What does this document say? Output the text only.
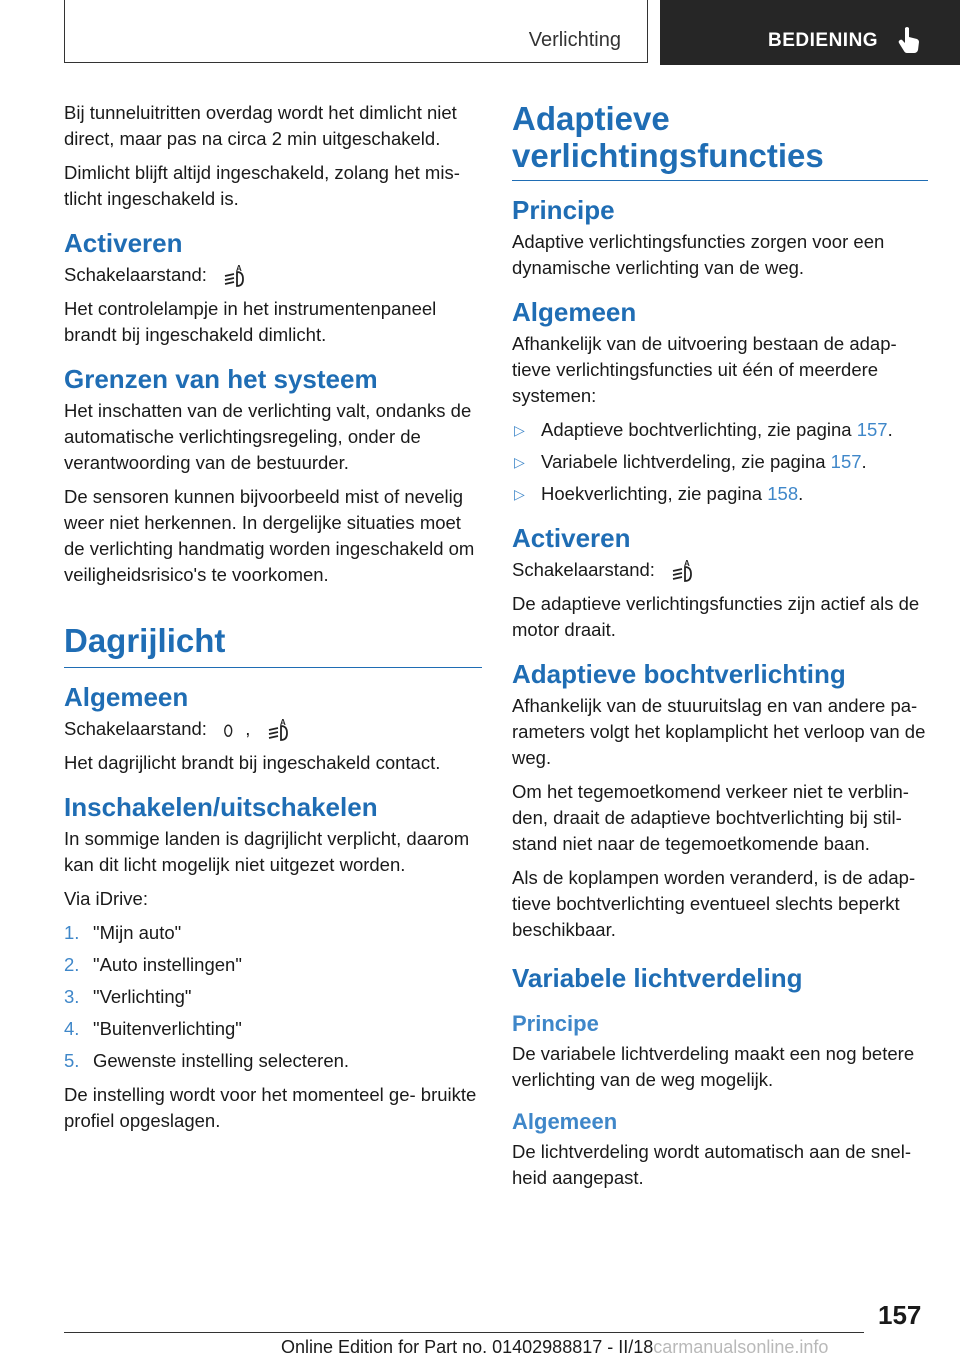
Verlichting	BEDIENING

Bij tunneluitritten overdag wordt het dimlicht niet direct, maar pas na circa 2 min uitgeschakeld.

Dimlicht blijft altijd ingeschakeld, zolang het mis‐ tlicht ingeschakeld is.

Activeren

Schakelaarstand:	A

Het controlelampje in het instrumentenpaneel brandt bij ingeschakeld dimlicht.

Grenzen van het systeem

Het inschatten van de verlichting valt, ondanks de automatische verlichtingsregeling, onder de verantwoording van de bestuurder.

De sensoren kunnen bijvoorbeeld mist of nevelig weer niet herkennen. In dergelijke situaties moet de verlichting handmatig worden ingeschakeld om veiligheidsrisico's te voorkomen.

Dagrijlicht
Algemeen

Schakelaarstand: ,	A

Het dagrijlicht brandt bij ingeschakeld contact.

Inschakelen/uitschakelen

In sommige landen is dagrijlicht verplicht, daarom kan dit licht mogelijk niet uitgezet worden.

Via iDrive:

1. "Mijn auto"
2. "Auto instellingen"
3. "Verlichting"
4. "Buitenverlichting"
5. Gewenste instelling selecteren.

De instelling wordt voor het momenteel ge‐ bruikte profiel opgeslagen.

Adaptieve verlichtingsfuncties
Principe

Adaptive verlichtingsfuncties zorgen voor een dynamische verlichting van de weg.

Algemeen

Afhankelijk van de uitvoering bestaan de adap‐ tieve verlichtingsfuncties uit één of meerdere systemen:

▷ Adaptieve bochtverlichting, zie pagina 157.
▷ Variabele lichtverdeling, zie pagina 157.
▷ Hoekverlichting, zie pagina 158.
Activeren

Schakelaarstand:	A

De adaptieve verlichtingsfuncties zijn actief als de motor draait.

Adaptieve bochtverlichting

Afhankelijk van de stuuruitslag en van andere pa‐ rameters volgt het koplamplicht het verloop van de weg.

Om het tegemoetkomend verkeer niet te verblin‐ den, draait de adaptieve bochtverlichting bij stil‐ stand niet naar de tegemoetkomende baan.

Als de koplampen worden veranderd, is de adap‐ tieve bochtverlichting eventueel slechts beperkt beschikbaar.

Variabele lichtverdeling
Principe

De variabele lichtverdeling maakt een nog betere verlichting van de weg mogelijk.

Algemeen

De lichtverdeling wordt automatisch aan de snel‐ heid aangepast.

157
Online Edition for Part no. 01402988817 - II/18carmanualsonline.info
